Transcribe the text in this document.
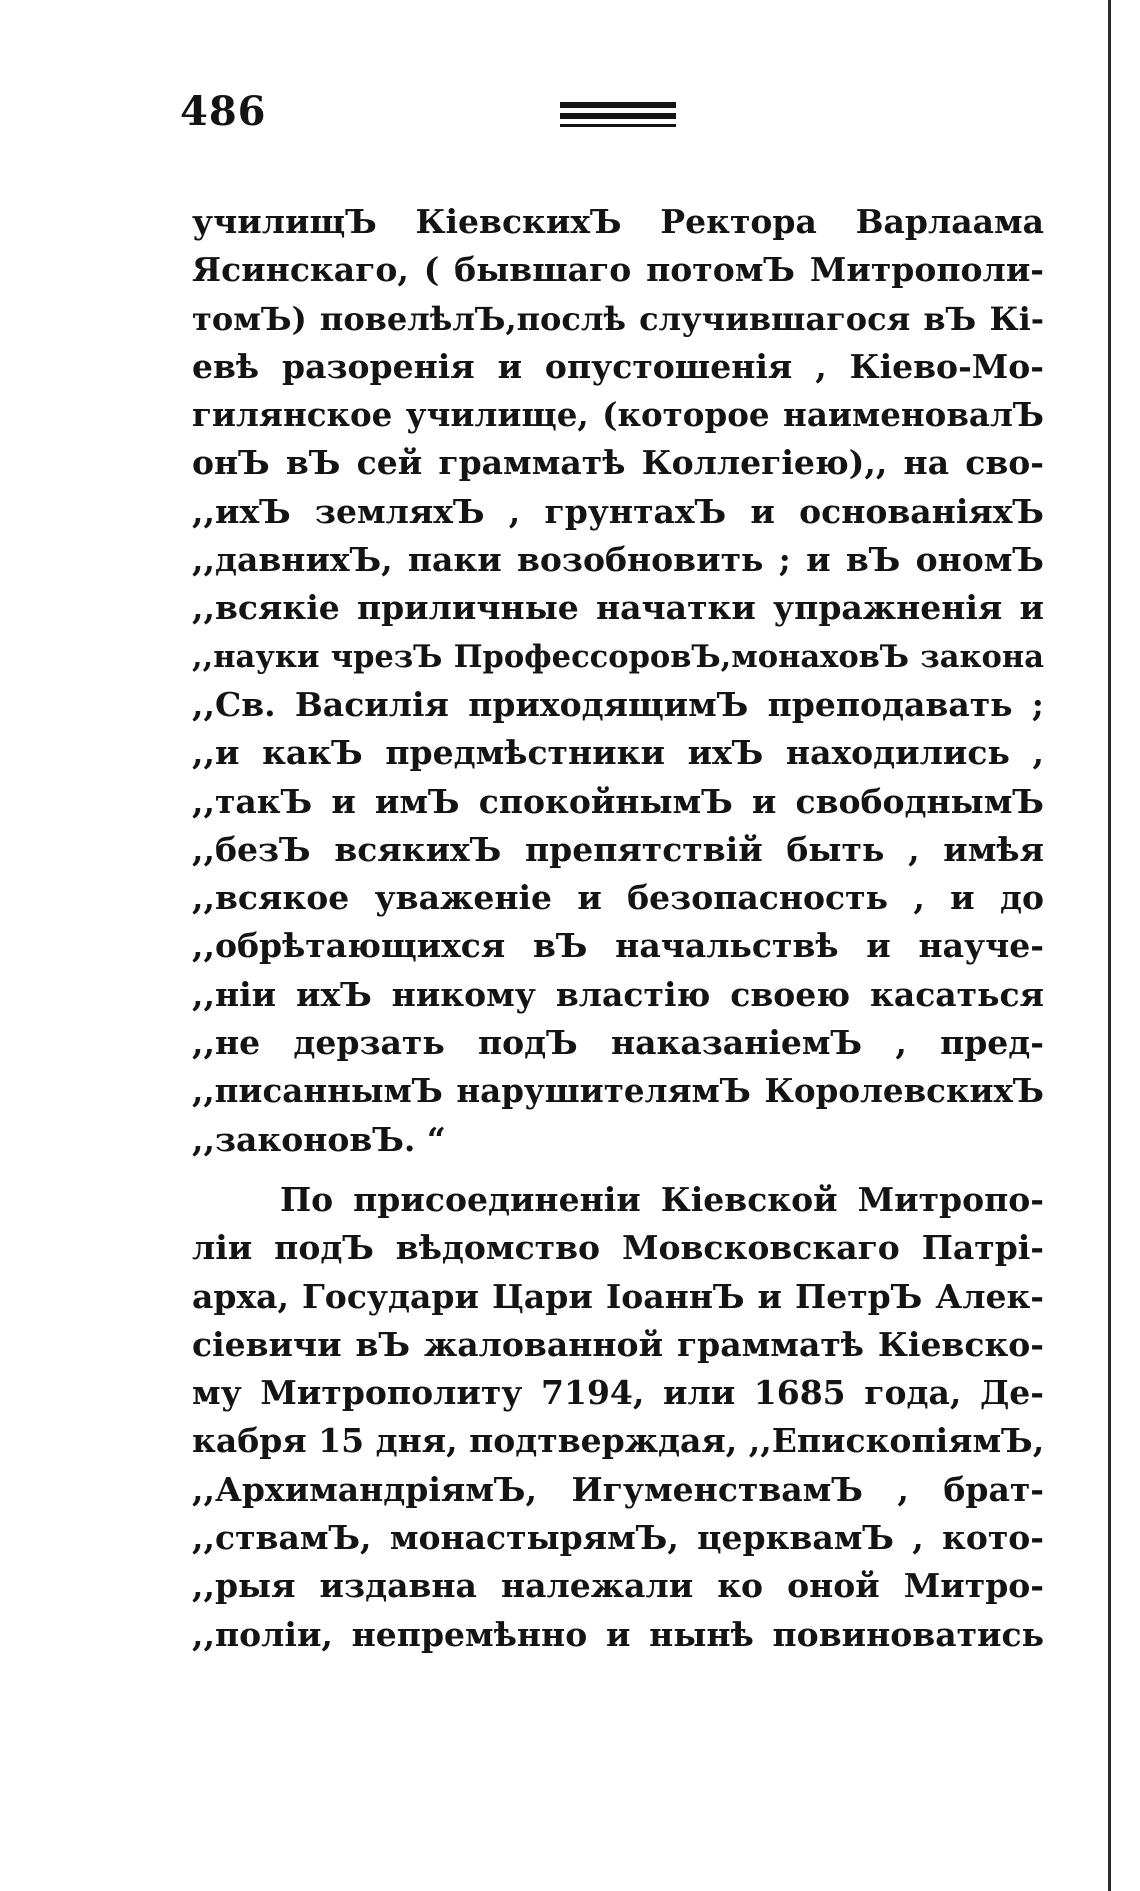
486
училищЪ КіевскихЪ Ректора Варлаама
Ясинскаго, ( бывшаго потомЪ Митрополи-
томЪ) повелѣлЪ,послѣ случившагося вЪ Кі-
евѣ разоренія и опустошенія , Кіево-Мо-
гилянское училище, (которое наименовалЪ
онЪ вЪ сей грамматѣ Коллегіею),, на сво-
,,ихЪ земляхЪ , грунтахЪ и основаніяхЪ
,,давнихЪ, паки возобновить ; и вЪ ономЪ
,,всякіе приличные начатки упражненія и
,,науки чрезЪ ПрофессоровЪ,монаховЪ закона
,,Св. Василія приходящимЪ преподавать ;
,,и какЪ предмѣстники ихЪ находились ,
,,такЪ и имЪ спокойнымЪ и свободнымЪ
,,безЪ всякихЪ препятствій быть , имѣя
,,всякое уваженіе и безопасность , и до
,,обрѣтающихся вЪ начальствѣ и науче-
,,ніи ихЪ никому властію своею касаться
,,не дерзать подЪ наказаніемЪ , пред-
,,писаннымЪ нарушителямЪ КоролевскихЪ
,,законовЪ. “
По присоединеніи Кіевской Митропо-
ліи подЪ вѣдомство Мовсковскаго Патрі-
арха, Государи Цари ІоаннЪ и ПетрЪ Алек-
сіевичи вЪ жалованной грамматѣ Кіевско-
му Митрополиту 7194, или 1685 года, Де-
кабря 15 дня, подтверждая, ,,ЕпископіямЪ,
,,АрхимандріямЪ, ИгуменствамЪ , брат-
,,ствамЪ, монастырямЪ, церквамЪ , кото-
,,рыя издавна належали ко оной Митро-
,,поліи, непремѣнно и нынѣ повиноватись
